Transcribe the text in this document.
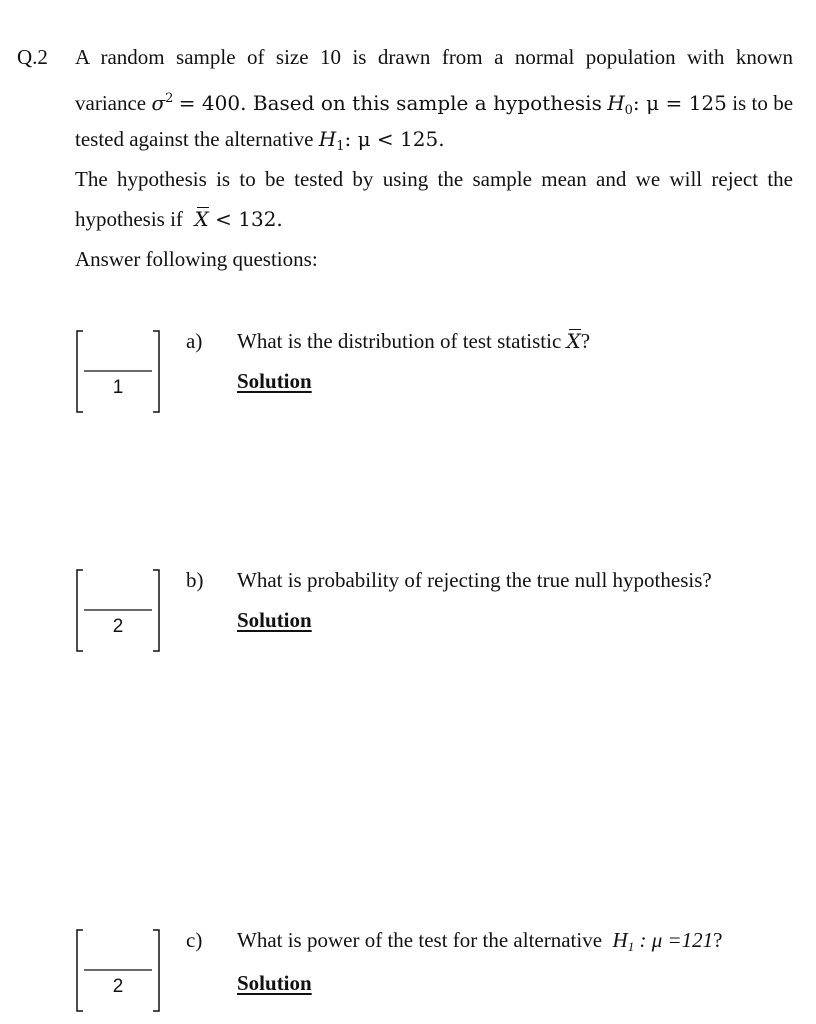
Q.2 A random sample of size 10 is drawn from a normal population with known
variance $\sigma^2 = 400$. Based on this sample a hypothesis $H_0$: μ = 125 is to be
tested against the alternative $H_1$: μ < 125.
The hypothesis is to be tested by using the sample mean and we will reject the
hypothesis if X < 132.
Answer following questions:
1
a) What is the distribution of test statistic X?
Solution
2
b) What is probability of rejecting the true null hypothesis?
Solution
2
c) What is power of the test for the alternative $H_1$ : μ =121?
Solution
